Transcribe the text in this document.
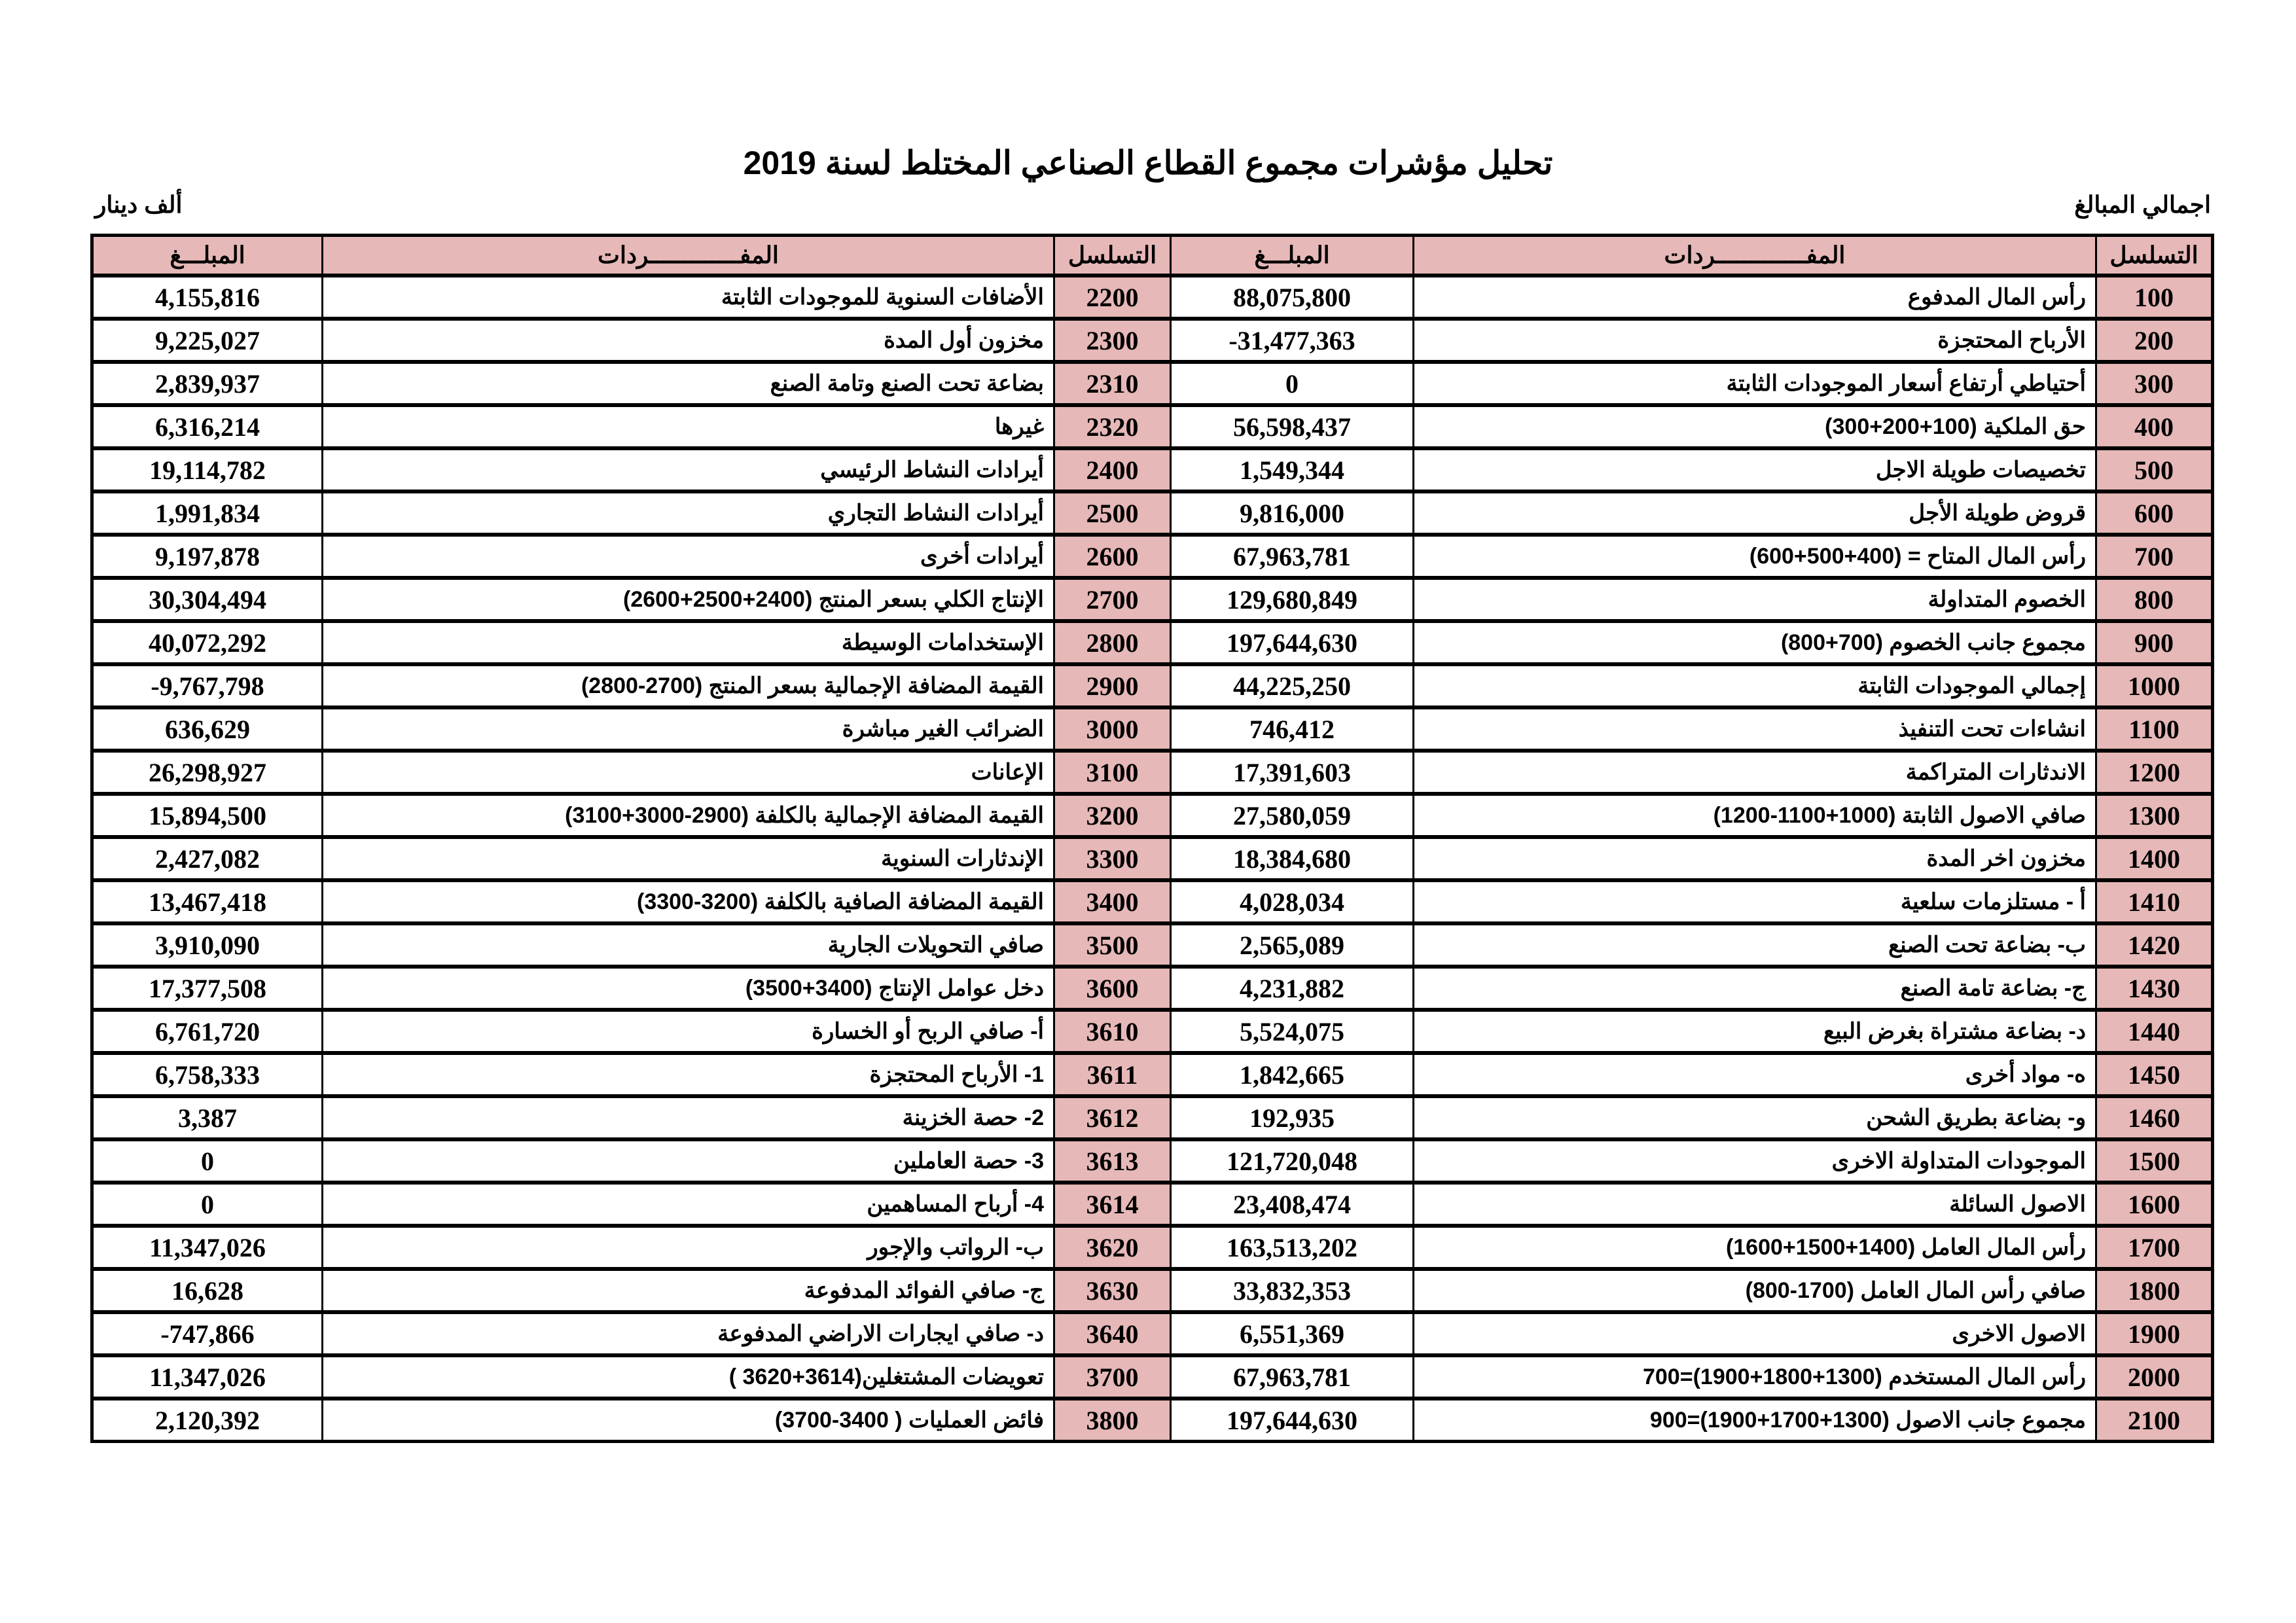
تحليل مؤشرات مجموع القطاع الصناعي المختلط لسنة 2019
ألف دينار	اجمالي المبالغ
المبلـــغ	المفـــــــــــــردات	التسلسل	المبلـــغ	المفـــــــــــــردات	التسلسل
4,155,816	الأضافات السنوية للموجودات الثابتة	2200	88,075,800	رأس المال المدفوع	100
9,225,027	مخزون أول المدة	2300	-31,477,363	الأرباح المحتجزة	200
2,839,937	بضاعة تحت الصنع وتامة الصنع	2310	0	أحتياطي أرتفاع أسعار الموجودات الثابتة	300
6,316,214	غيرها	2320	56,598,437	حق الملكية (100+200+300)	400
19,114,782	أيرادات النشاط الرئيسي	2400	1,549,344	تخصيصات طويلة الاجل	500
1,991,834	أيرادات النشاط التجاري	2500	9,816,000	قروض طويلة الأجل	600
9,197,878	أيرادات أخرى	2600	67,963,781	رأس المال المتاح = (400+500+600)	700
30,304,494	الإنتاج الكلي بسعر المنتج (2400+2500+2600)	2700	129,680,849	الخصوم المتداولة	800
40,072,292	الإستخدامات الوسيطة	2800	197,644,630	مجموع جانب الخصوم (700+800)	900
-9,767,798	القيمة المضافة الإجمالية بسعر المنتج (2700-2800)	2900	44,225,250	إجمالي الموجودات الثابتة	1000
636,629	الضرائب الغير مباشرة	3000	746,412	انشاءات تحت التنفيذ	1100
26,298,927	الإعانات	3100	17,391,603	الاندثارات المتراكمة	1200
15,894,500	القيمة المضافة الإجمالية بالكلفة (2900-3000+3100)	3200	27,580,059	صافي الاصول الثابتة (1000+1100-1200)	1300
2,427,082	الإندثارات السنوية	3300	18,384,680	مخزون اخر المدة	1400
13,467,418	القيمة المضافة الصافية بالكلفة (3200-3300)	3400	4,028,034	أ - مستلزمات سلعية	1410
3,910,090	صافي التحويلات الجارية	3500	2,565,089	ب- بضاعة تحت الصنع	1420
17,377,508	دخل عوامل الإنتاج (3400+3500)	3600	4,231,882	ج- بضاعة تامة الصنع	1430
6,761,720	أ- صافي الربح أو الخسارة	3610	5,524,075	د- بضاعة مشتراة بغرض البيع	1440
6,758,333	1- الأرباح المحتجزة	3611	1,842,665	ه- مواد أخرى	1450
3,387	2- حصة الخزينة	3612	192,935	و- بضاعة بطريق الشحن	1460
0	3- حصة العاملين	3613	121,720,048	الموجودات المتداولة الاخرى	1500
0	4- أرباح المساهمين	3614	23,408,474	الاصول السائلة	1600
11,347,026	ب- الرواتب والإجور	3620	163,513,202	رأس المال العامل (1400+1500+1600)	1700
16,628	ج- صافي الفوائد المدفوعة	3630	33,832,353	صافي رأس المال العامل (1700-800)	1800
-747,866	د- صافي ايجارات الاراضي المدفوعة	3640	6,551,369	الاصول الاخرى	1900
11,347,026	تعويضات المشتغلين(3614+3620 )	3700	67,963,781	رأس المال المستخدم (1300+1800+1900)=700	2000
2,120,392	فائض العمليات ( 3400-3700)	3800	197,644,630	مجموع جانب الاصول (1300+1700+1900)=900	2100
